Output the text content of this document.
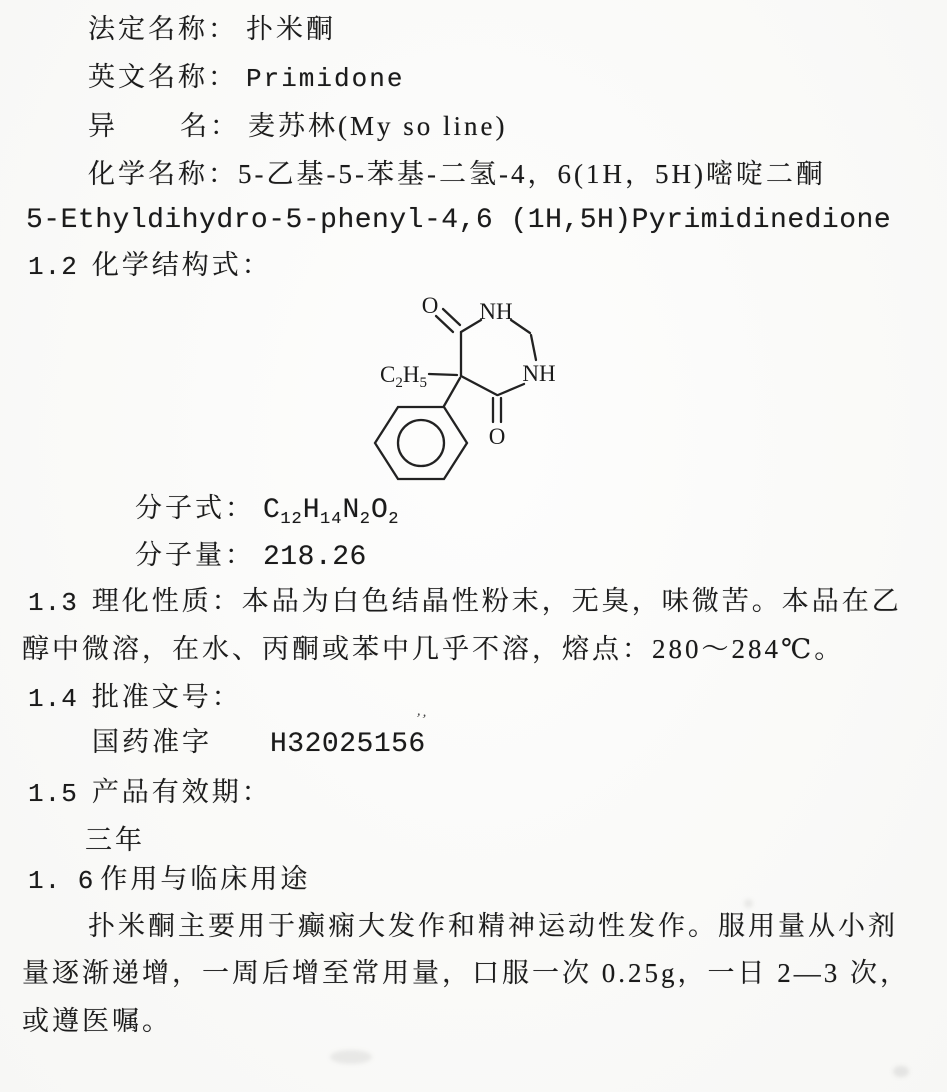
法定名称： 扑米酮
英文名称： Primidone
异 名： 麦苏林(My so line)
化学名称：5-乙基-5-苯基-二氢-4，6(1H，5H)嘧啶二酮
5-Ethyldihydro-5-phenyl-4,6 (1H,5H)Pyrimidinedione
1.2 化学结构式：
O NH
NH
O
$C_2H_5$
分子式： $C_{12}H_{14}N_2O_2$
分子量： 218.26
1.3 理化性质：本品为白色结晶性粉末，无臭，味微苦。本品在乙
醇中微溶，在水、丙酮或苯中几乎不溶，熔点：280～284℃。
1.4 批准文号：
国药准字 H32025156
’’
1.5 产品有效期：
三年
1. 6 作用与临床用途
扑米酮主要用于癫痫大发作和精神运动性发作。服用量从小剂
量逐渐递增，一周后增至常用量，口服一次 0.25g，一日 2—3 次，
或遵医嘱。
